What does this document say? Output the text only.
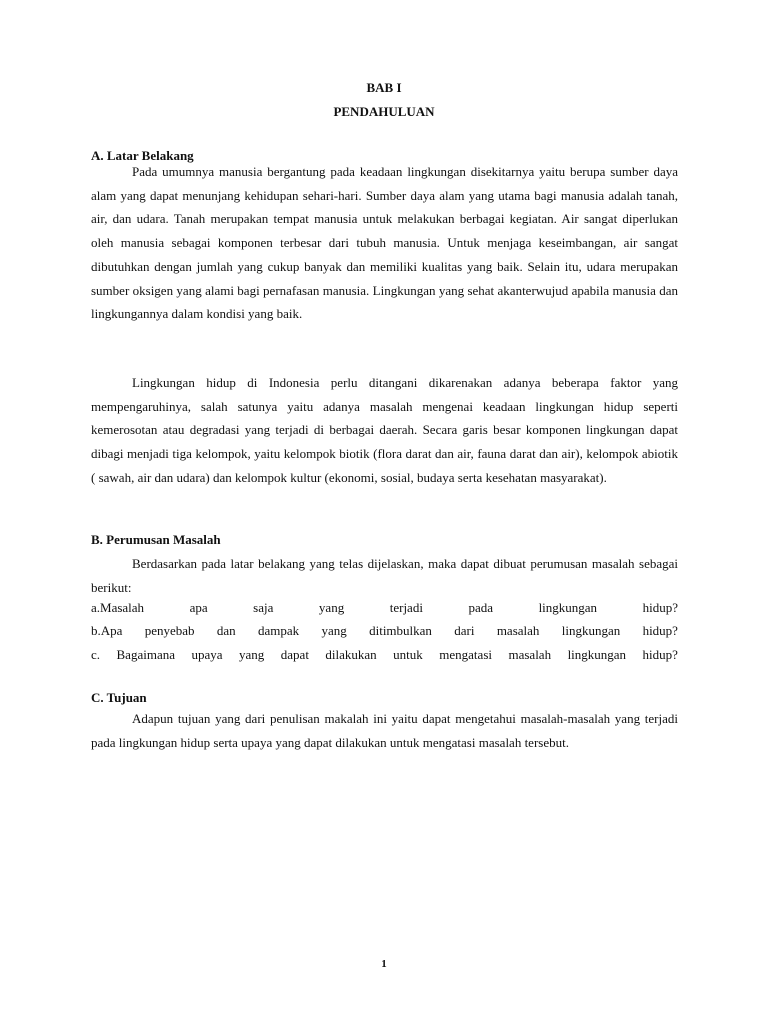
BAB I
PENDAHULUAN
A. Latar Belakang

Pada umumnya manusia bergantung pada keadaan lingkungan disekitarnya yaitu berupa sumber daya alam yang dapat menunjang kehidupan sehari-hari. Sumber daya alam yang utama bagi manusia adalah tanah, air, dan udara. Tanah merupakan tempat manusia untuk melakukan berbagai kegiatan. Air sangat diperlukan oleh manusia sebagai komponen terbesar dari tubuh manusia. Untuk menjaga keseimbangan, air sangat dibutuhkan dengan jumlah yang cukup banyak dan memiliki kualitas yang baik. Selain itu, udara merupakan sumber oksigen yang alami bagi pernafasan manusia. Lingkungan yang sehat akanterwujud apabila manusia dan lingkungannya dalam kondisi yang baik.

Lingkungan hidup di Indonesia perlu ditangani dikarenakan adanya beberapa faktor yang mempengaruhinya, salah satunya yaitu adanya masalah mengenai keadaan lingkungan hidup seperti kemerosotan atau degradasi yang terjadi di berbagai daerah. Secara garis besar komponen lingkungan dapat dibagi menjadi tiga kelompok, yaitu kelompok biotik (flora darat dan air, fauna darat dan air), kelompok abiotik ( sawah, air dan udara) dan kelompok kultur (ekonomi, sosial, budaya serta kesehatan masyarakat).

B. Perumusan Masalah

Berdasarkan pada latar belakang yang telas dijelaskan, maka dapat dibuat perumusan masalah sebagai berikut:

a.Masalah	apa	saja	yang	terjadi	pada	lingkungan	hidup?
b.Apa penyebab dan dampak yang ditimbulkan dari masalah lingkungan hidup?
c. Bagaimana upaya yang dapat dilakukan untuk mengatasi masalah lingkungan hidup?
C. Tujuan

Adapun tujuan yang dari penulisan makalah ini yaitu dapat mengetahui masalah-masalah yang terjadi pada lingkungan hidup serta upaya yang dapat dilakukan untuk mengatasi masalah tersebut.

1
